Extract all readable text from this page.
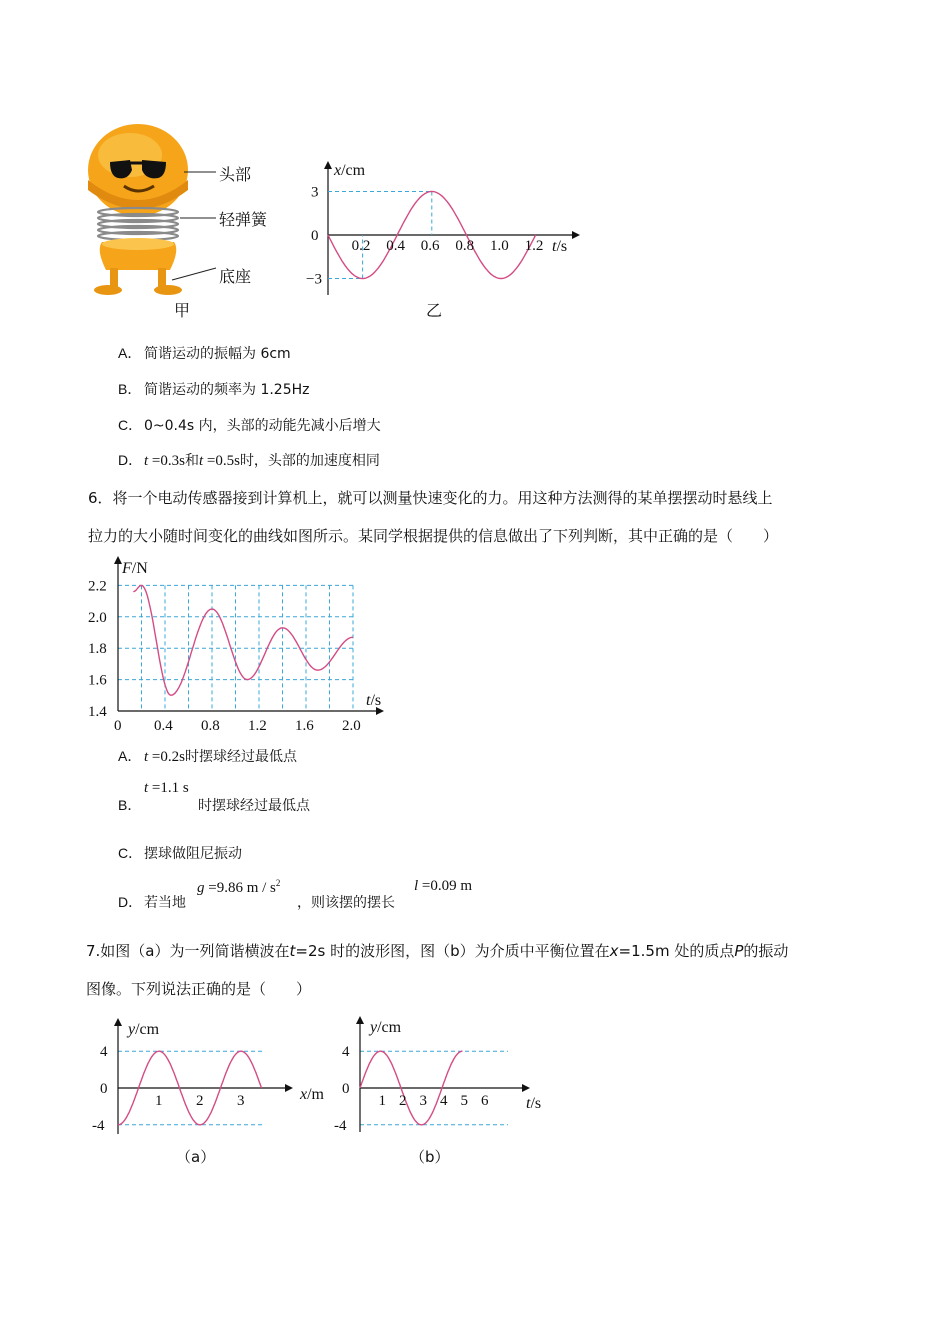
头部
轻弹簧
底座
甲
x/cm
t/s
0.2 0.4 0.6 0.8 1.0 1.2
3
0
−3
乙
A． 简谐运动的振幅为 6cm
B． 简谐运动的频率为 1.25Hz
C． 0~0.4s 内，头部的动能先减小后增大
D． t =0.3s和t =0.5s时，头部的加速度相同
6．将一个电动传感器接到计算机上，就可以测量快速变化的力。用这种方法测得的某单摆摆动时悬线上
拉力的大小随时间变化的曲线如图所示。某同学根据提供的信息做出了下列判断，其中正确的是（　　）
F/N
t/s
2.2
2.0
1.8
1.6
1.4
0 0.4 0.8 1.2 1.6 2.0
A． t =0.2s时摆球经过最低点
B．
t =1.1 s
时摆球经过最低点
C． 摆球做阻尼振动
D． 若当地
g =9.86 m / $s^2$
，则该摆的摆长
l =0.09 m
7.如图（a）为一列简谐横波在t=2s 时的波形图，图（b）为介质中平衡位置在x=1.5m 处的质点P的振动
图像。下列说法正确的是（　　）
y/cm
x/m
1 2 3
4
0
-4
y/cm
t/s
1 2 3 4 5 6
4
0
-4
（a）	（b）
